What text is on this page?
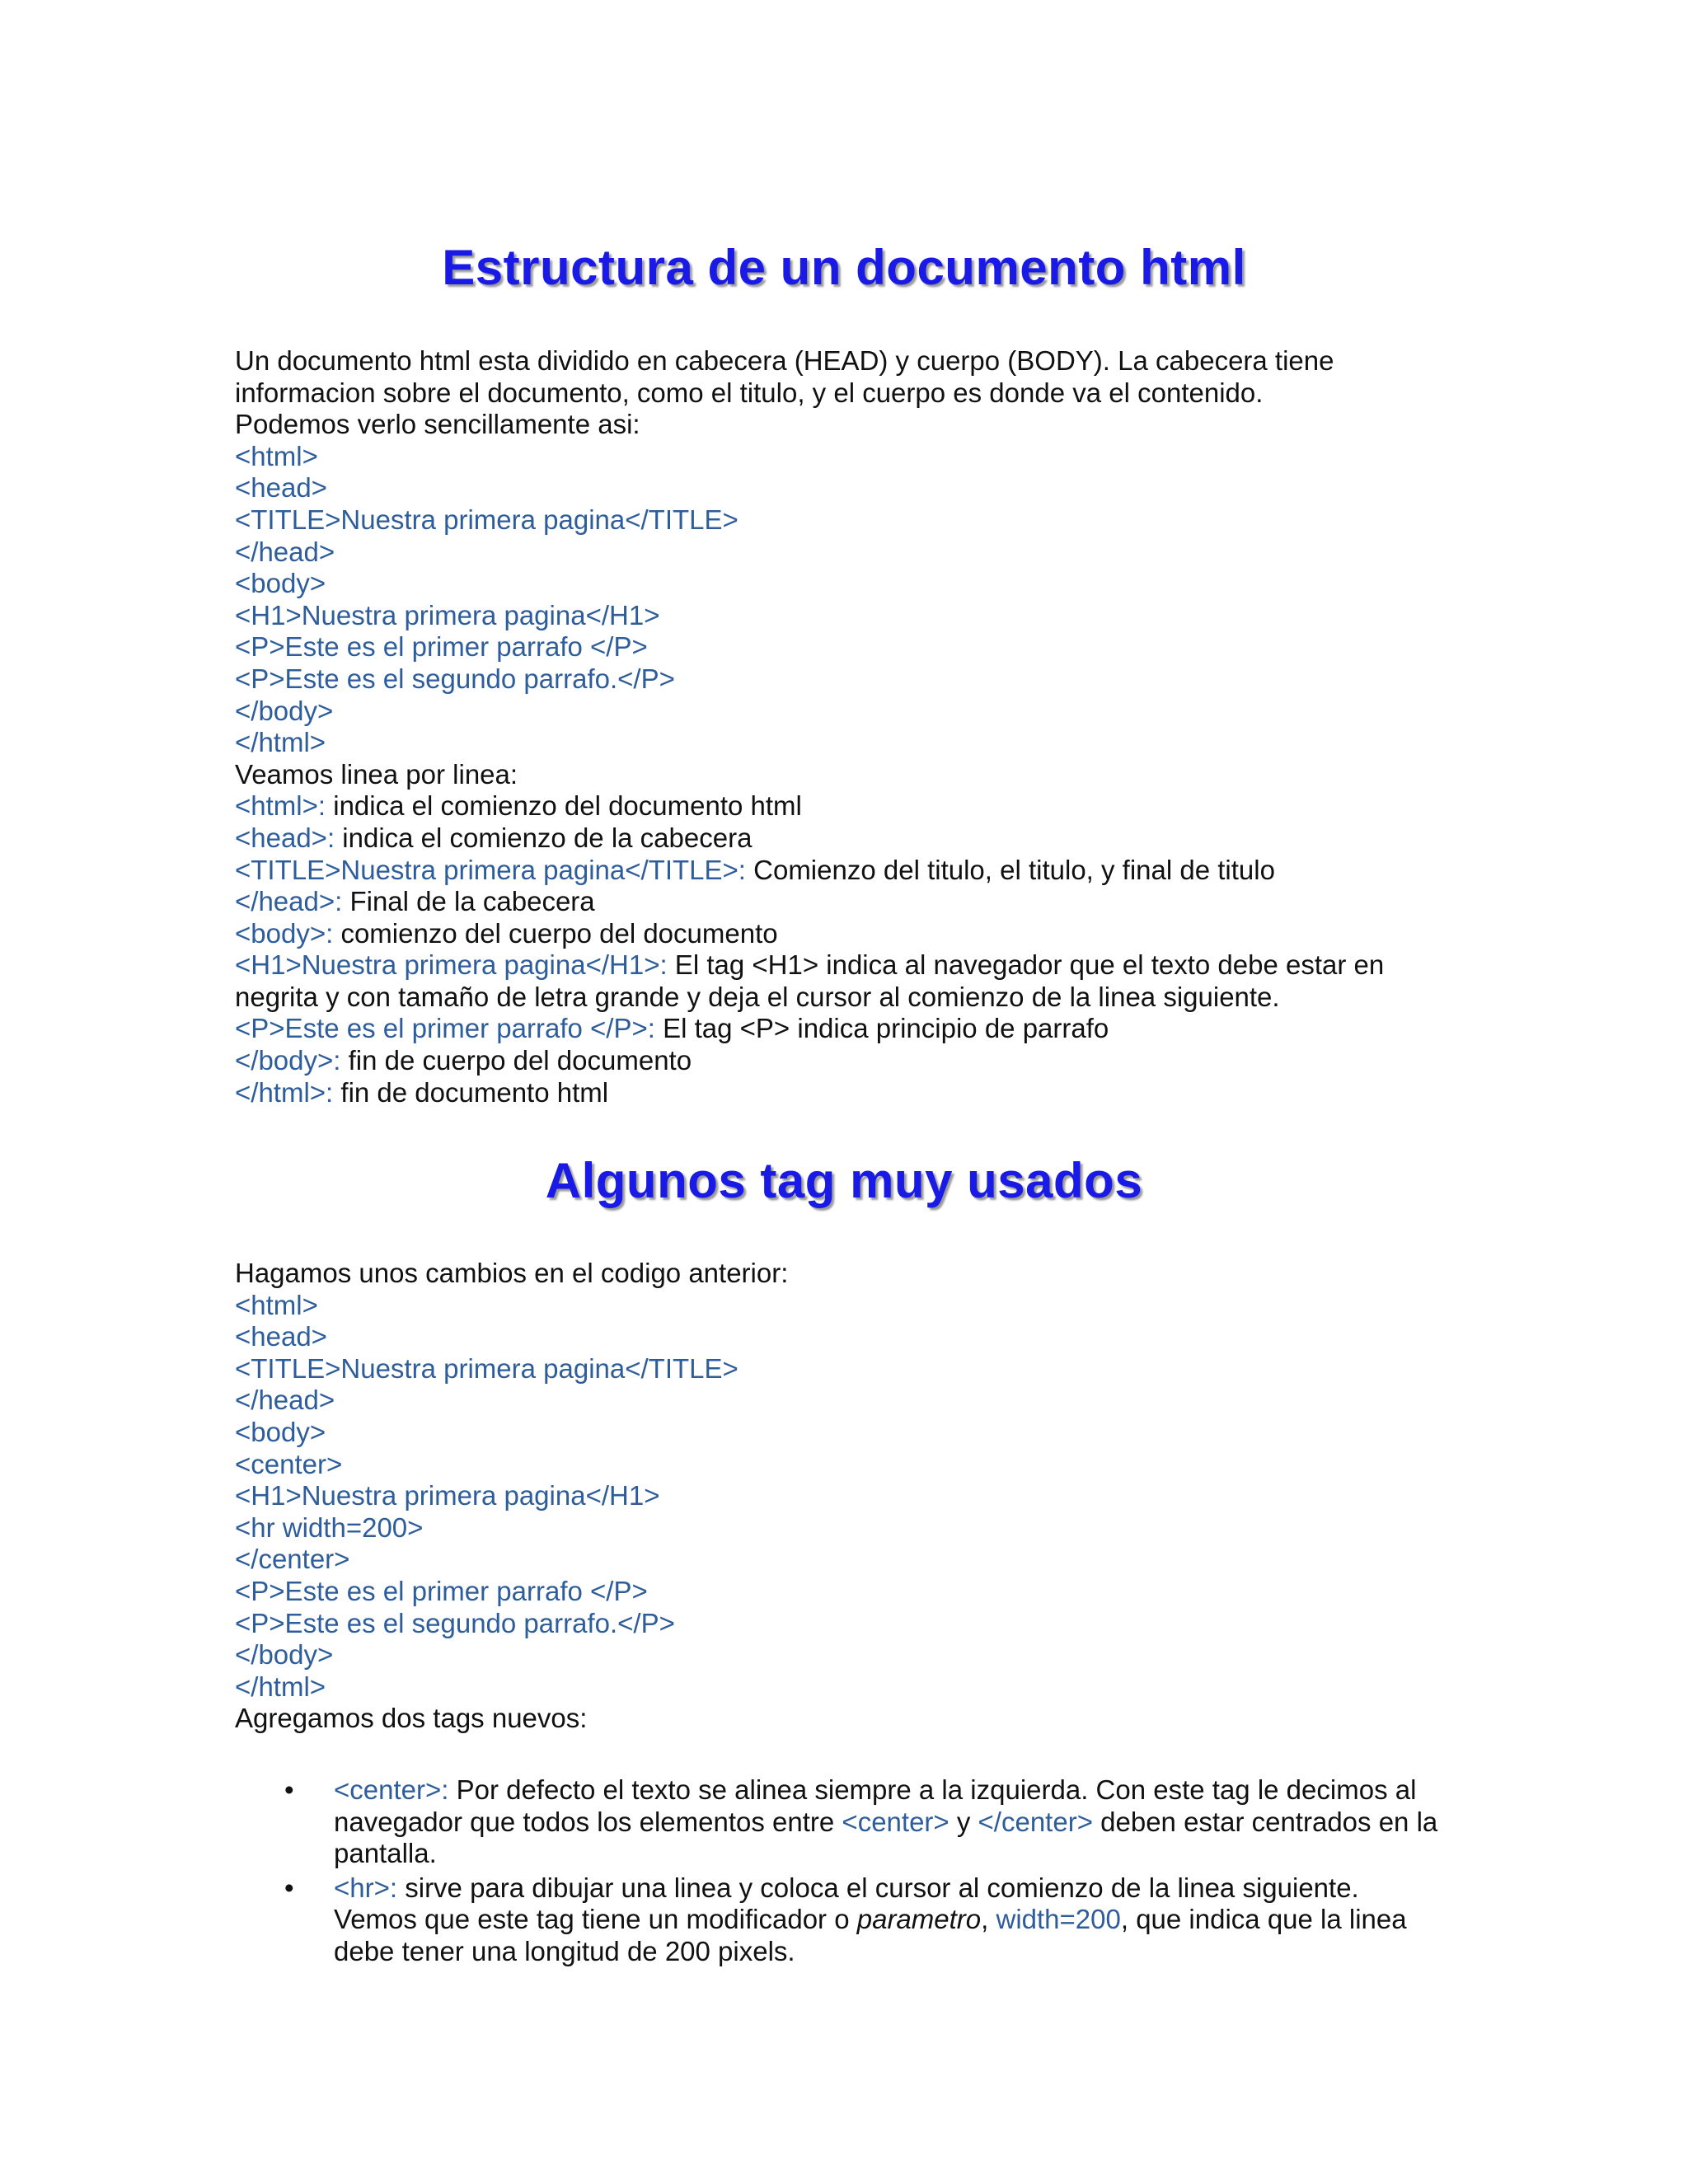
Estructura de un documento html
Un documento html esta dividido en cabecera (HEAD) y cuerpo (BODY). La cabecera tiene
informacion sobre el documento, como el titulo, y el cuerpo es donde va el contenido.
Podemos verlo sencillamente asi:
<html>
<head>
<TITLE>Nuestra primera pagina</TITLE>
</head>
<body>
<H1>Nuestra primera pagina</H1>
<P>Este es el primer parrafo </P>
<P>Este es el segundo parrafo.</P>
</body>
</html>
Veamos linea por linea:
<html>: indica el comienzo del documento html
<head>: indica el comienzo de la cabecera
<TITLE>Nuestra primera pagina</TITLE>: Comienzo del titulo, el titulo, y final de titulo
</head>: Final de la cabecera
<body>: comienzo del cuerpo del documento
<H1>Nuestra primera pagina</H1>: El tag <H1> indica al navegador que el texto debe estar en
negrita y con tamaño de letra grande y deja el cursor al comienzo de la linea siguiente.
<P>Este es el primer parrafo </P>: El tag <P> indica principio de parrafo
</body>: fin de cuerpo del documento
</html>: fin de documento html
Algunos tag muy usados
Hagamos unos cambios en el codigo anterior:
<html>
<head>
<TITLE>Nuestra primera pagina</TITLE>
</head>
<body>
<center>
<H1>Nuestra primera pagina</H1>
<hr width=200>
</center>
<P>Este es el primer parrafo </P>
<P>Este es el segundo parrafo.</P>
</body>
</html>
Agregamos dos tags nuevos:
• <center>: Por defecto el texto se alinea siempre a la izquierda. Con este tag le decimos al
navegador que todos los elementos entre <center> y </center> deben estar centrados en la
pantalla.
• <hr>: sirve para dibujar una linea y coloca el cursor al comienzo de la linea siguiente.
Vemos que este tag tiene un modificador o parametro, width=200, que indica que la linea
debe tener una longitud de 200 pixels.
